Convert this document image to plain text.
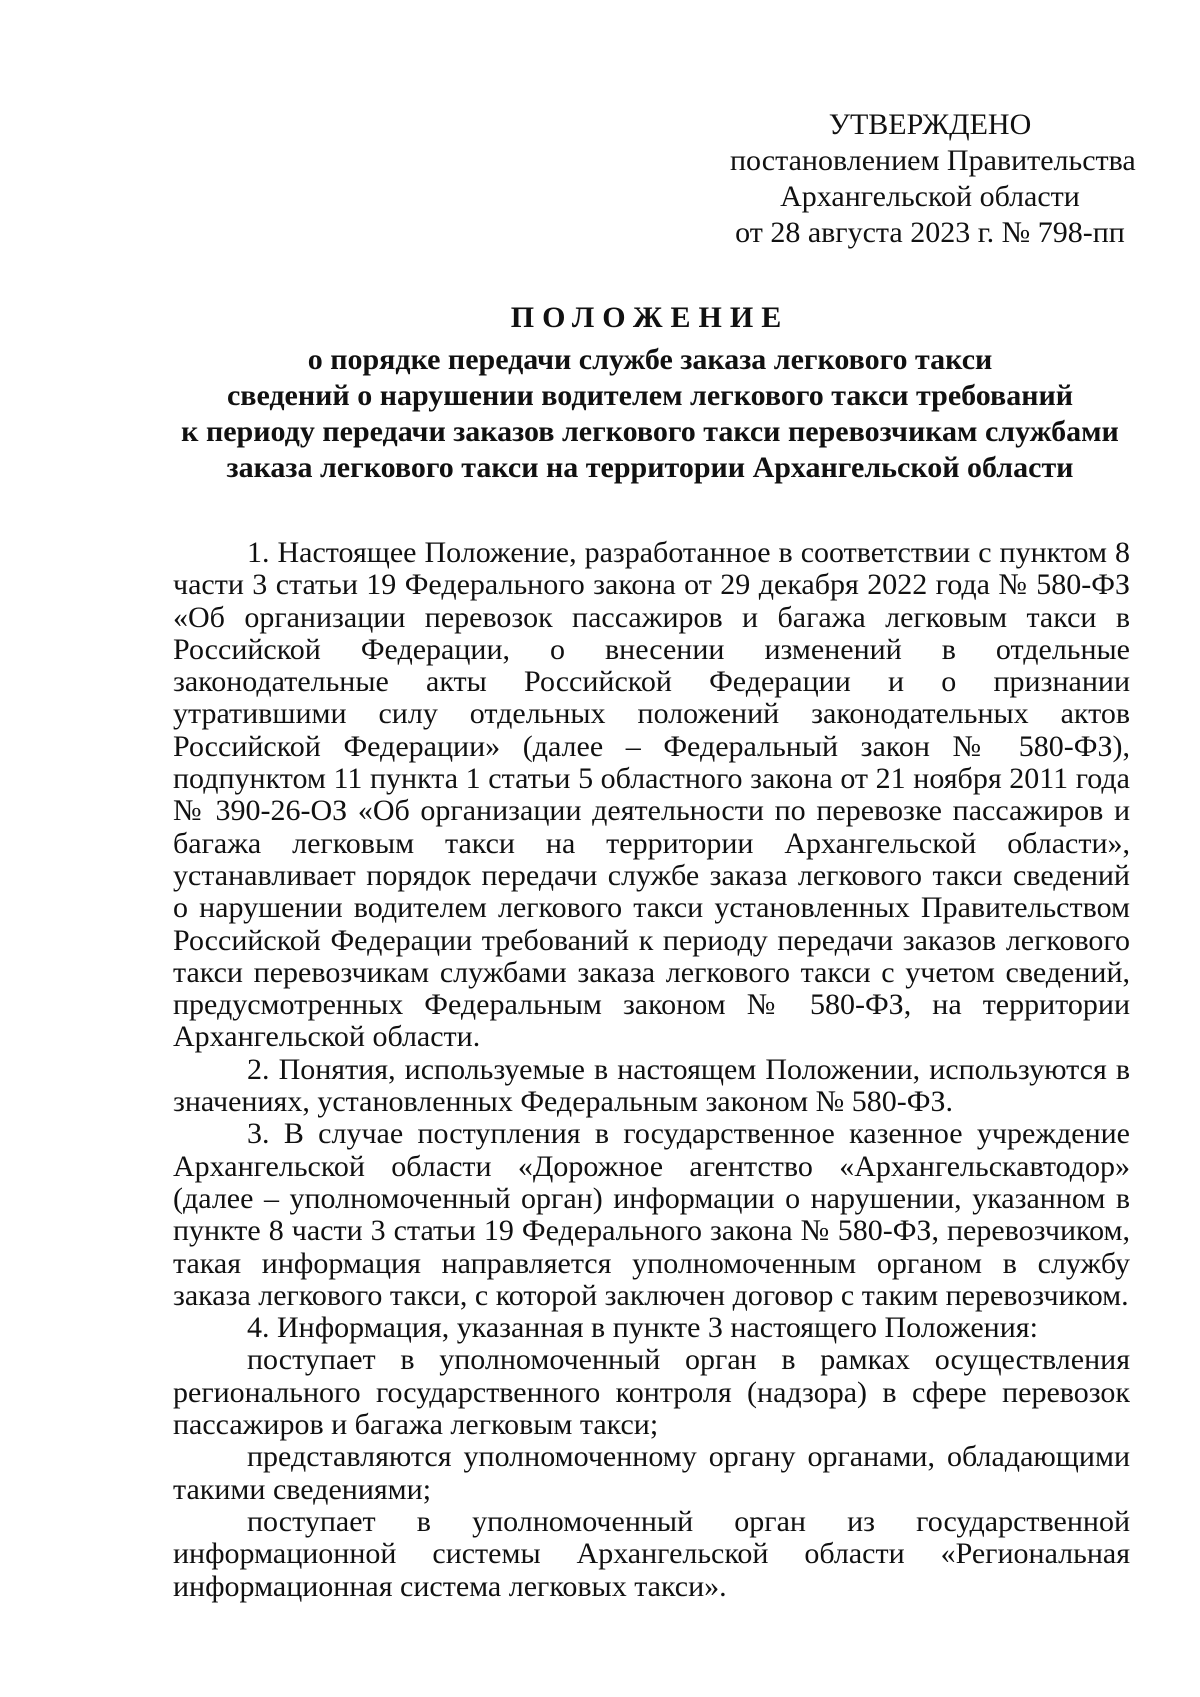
УТВЕРЖДЕНО
постановлением Правительства
Архангельской области
от 28 августа 2023 г. № 798-пп
ПОЛОЖЕНИЕ
о порядке передачи службе заказа легкового такси
сведений о нарушении водителем легкового такси требований
к периоду передачи заказов легкового такси перевозчикам службами
заказа легкового такси на территории Архангельской области

1. Настоящее Положение, разработанное в соответствии с пунктом 8 части 3 статьи 19 Федерального закона от 29 декабря 2022 года № 580-ФЗ «Об организации перевозок пассажиров и багажа легковым такси в Российской Федерации, о внесении изменений в отдельные законодательные акты Российской Федерации и о признании утратившими силу отдельных положений законодательных актов Российской Федерации» (далее – Федеральный закон № 580-ФЗ), подпунктом 11 пункта 1 статьи 5 областного закона от 21 ноября 2011 года № 390-26-ОЗ «Об организации деятельности по перевозке пассажиров и багажа легковым такси на территории Архангельской области», устанавливает порядок передачи службе заказа легкового такси сведений о нарушении водителем легкового такси установленных Правительством Российской Федерации требований к периоду передачи заказов легкового такси перевозчикам службами заказа легкового такси с учетом сведений, предусмотренных Федеральным законом № 580-ФЗ, на территории Архангельской области.

2. Понятия, используемые в настоящем Положении, используются в значениях, установленных Федеральным законом № 580-ФЗ.

3. В случае поступления в государственное казенное учреждение Архангельской области «Дорожное агентство «Архангельскавтодор» (далее – уполномоченный орган) информации о нарушении, указанном в пункте 8 части 3 статьи 19 Федерального закона № 580-ФЗ, перевозчиком, такая информация направляется уполномоченным органом в службу заказа легкового такси, с которой заключен договор с таким перевозчиком.

4. Информация, указанная в пункте 3 настоящего Положения:

поступает в уполномоченный орган в рамках осуществления регионального государственного контроля (надзора) в сфере перевозок пассажиров и багажа легковым такси;

представляются уполномоченному органу органами, обладающими такими сведениями;

поступает в уполномоченный орган из государственной информационной системы Архангельской области «Региональная информационная система легковых такси».
